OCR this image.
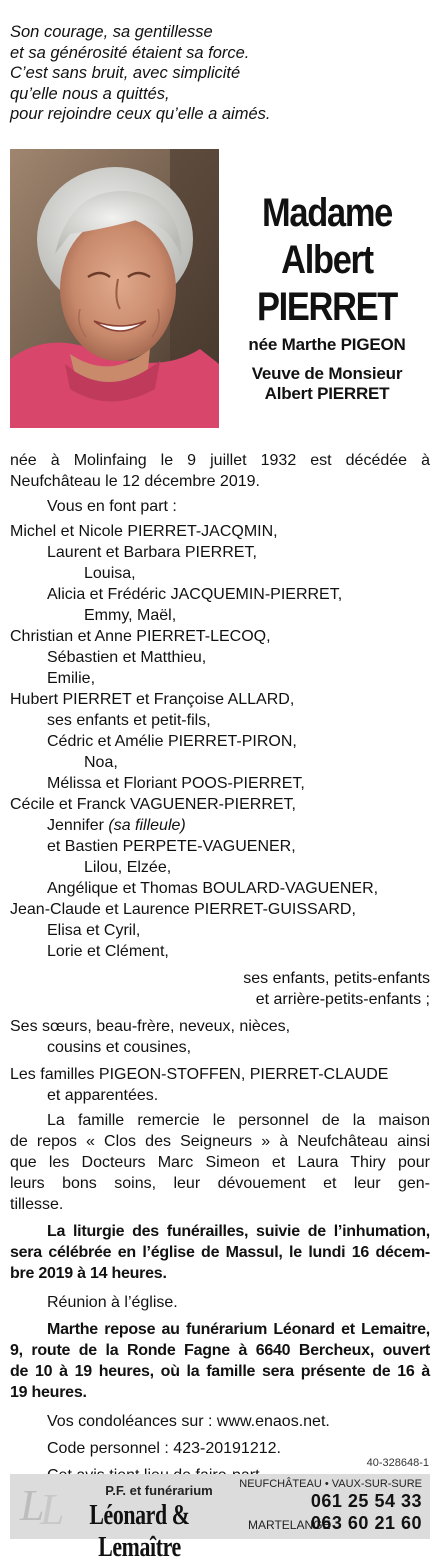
Son courage, sa gentillesse
et sa générosité étaient sa force.
C’est sans bruit, avec simplicité
qu’elle nous a quittés,
pour rejoindre ceux qu’elle a aimés.
Madame
Albert
PIERRET
née Marthe PIGEON
Veuve de Monsieur
Albert PIERRET
née à Molinfaing le 9 juillet 1932 est décédée à
Neufchâteau le 12 décembre 2019.
Vous en font part :
Michel et Nicole PIERRET-JACQMIN,
Laurent et Barbara PIERRET,
Louisa,
Alicia et Frédéric JACQUEMIN-PIERRET,
Emmy, Maël,
Christian et Anne PIERRET-LECOQ,
Sébastien et Matthieu,
Emilie,
Hubert PIERRET et Françoise ALLARD,
ses enfants et petit-fils,
Cédric et Amélie PIERRET-PIRON,
Noa,
Mélissa et Floriant POOS-PIERRET,
Cécile et Franck VAGUENER-PIERRET,
Jennifer (sa filleule)
et Bastien PERPETE-VAGUENER,
Lilou, Elzée,
Angélique et Thomas BOULARD-VAGUENER,
Jean-Claude et Laurence PIERRET-GUISSARD,
Elisa et Cyril,
Lorie et Clément,
ses enfants, petits-enfants
et arrière-petits-enfants ;
Ses sœurs, beau-frère, neveux, nièces,
cousins et cousines,
Les familles PIGEON-STOFFEN, PIERRET-CLAUDE
et apparentées.
La famille remercie le personnel de la maison
de repos « Clos des Seigneurs » à Neufchâteau ainsi
que les Docteurs Marc Simeon et Laura Thiry pour
leurs bons soins, leur dévouement et leur gen-
tillesse.
La liturgie des funérailles, suivie de l’inhumation,
sera célébrée en l’église de Massul, le lundi 16 décem-
bre 2019 à 14 heures.
Réunion à l’église.
Marthe repose au funérarium Léonard et Lemaitre,
9, route de la Ronde Fagne à 6640 Bercheux, ouvert
de 10 à 19 heures, où la famille sera présente de 16 à
19 heures.
Vos condoléances sur : www.enaos.net.
Code personnel : 423-20191212.
40-328648-1
L
L	P.F. et funérarium
Léonard & Lemaître
NEUFCHÂTEAU • VAUX-SUR-SURE
061 25 54 33
MARTELANGE
063 60 21 60
